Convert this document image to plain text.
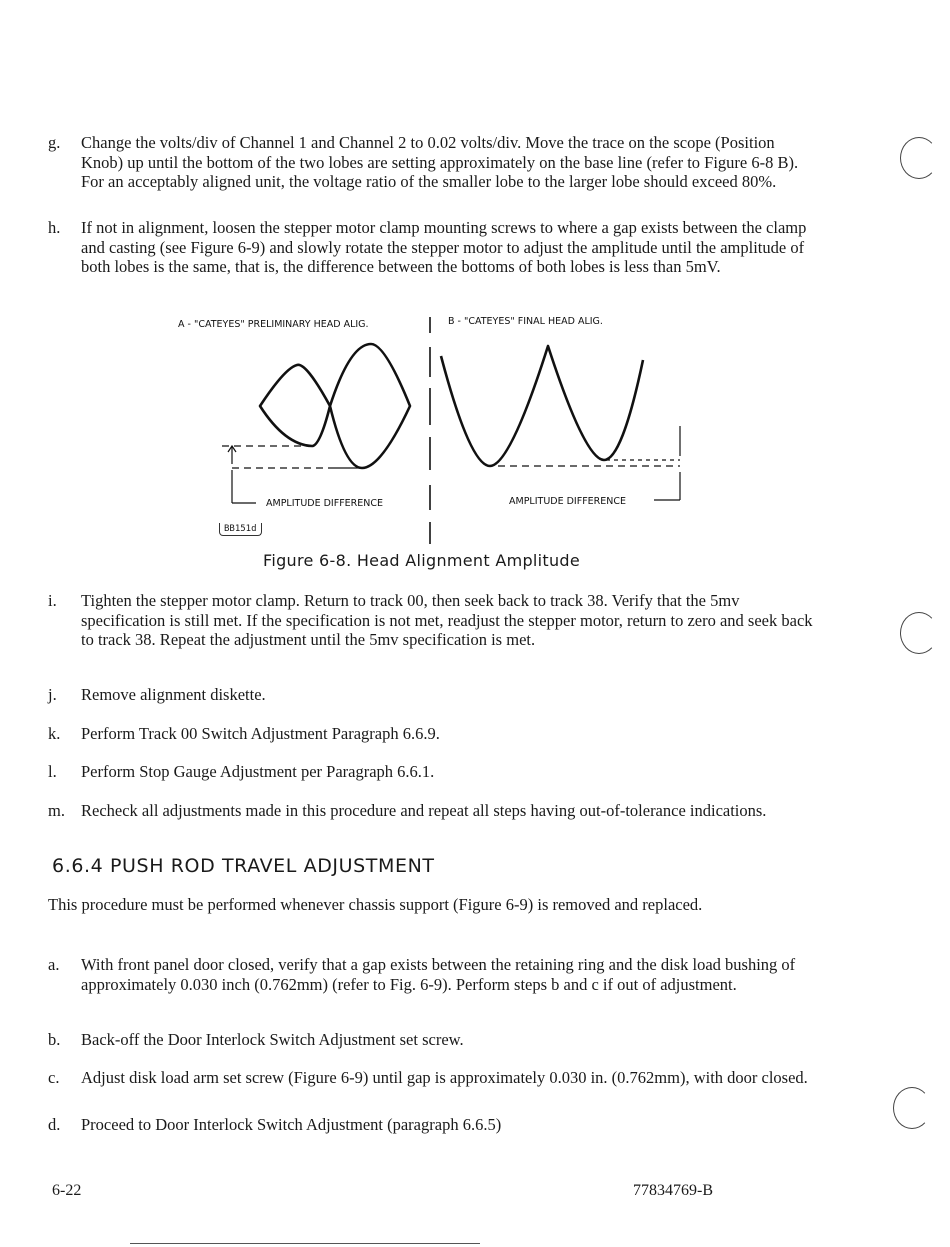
g.	Change the volts/div of Channel 1 and Channel 2 to 0.02 volts/div. Move the trace on the scope (Position Knob) up until the bottom of the two lobes are setting approximately on the base line (refer to Figure 6-8 B). For an acceptably aligned unit, the voltage ratio of the smaller lobe to the larger lobe should exceed 80%.
h.	If not in alignment, loosen the stepper motor clamp mounting screws to where a gap exists between the clamp and casting (see Figure 6-9) and slowly rotate the stepper motor to adjust the amplitude until the amplitude of both lobes is the same, that is, the difference between the bottoms of both lobes is less than 5mV.
A - "CATEYES" PRELIMINARY HEAD ALIG.	B - "CATEYES" FINAL HEAD ALIG.
AMPLITUDE DIFFERENCE	AMPLITUDE DIFFERENCE
BB151d
Figure 6-8. Head Alignment Amplitude
i.	Tighten the stepper motor clamp. Return to track 00, then seek back to track 38. Verify that the 5mv specification is still met. If the specification is not met, readjust the stepper motor, return to zero and seek back to track 38. Repeat the adjustment until the 5mv specification is met.
j.	Remove alignment diskette.
k.	Perform Track 00 Switch Adjustment Paragraph 6.6.9.
l.	Perform Stop Gauge Adjustment per Paragraph 6.6.1.
m. Recheck all adjustments made in this procedure and repeat all steps having out-of-tolerance indications.
6.6.4 PUSH ROD TRAVEL ADJUSTMENT
This procedure must be performed whenever chassis support (Figure 6-9) is removed and replaced.
a.	With front panel door closed, verify that a gap exists between the retaining ring and the disk load bushing of approximately 0.030 inch (0.762mm) (refer to Fig. 6-9). Perform steps b and c if out of adjustment.
b.	Back-off the Door Interlock Switch Adjustment set screw.
c.	Adjust disk load arm set screw (Figure 6-9) until gap is approximately 0.030 in. (0.762mm), with door closed.
d.	Proceed to Door Interlock Switch Adjustment (paragraph 6.6.5)
6-22	77834769-B
